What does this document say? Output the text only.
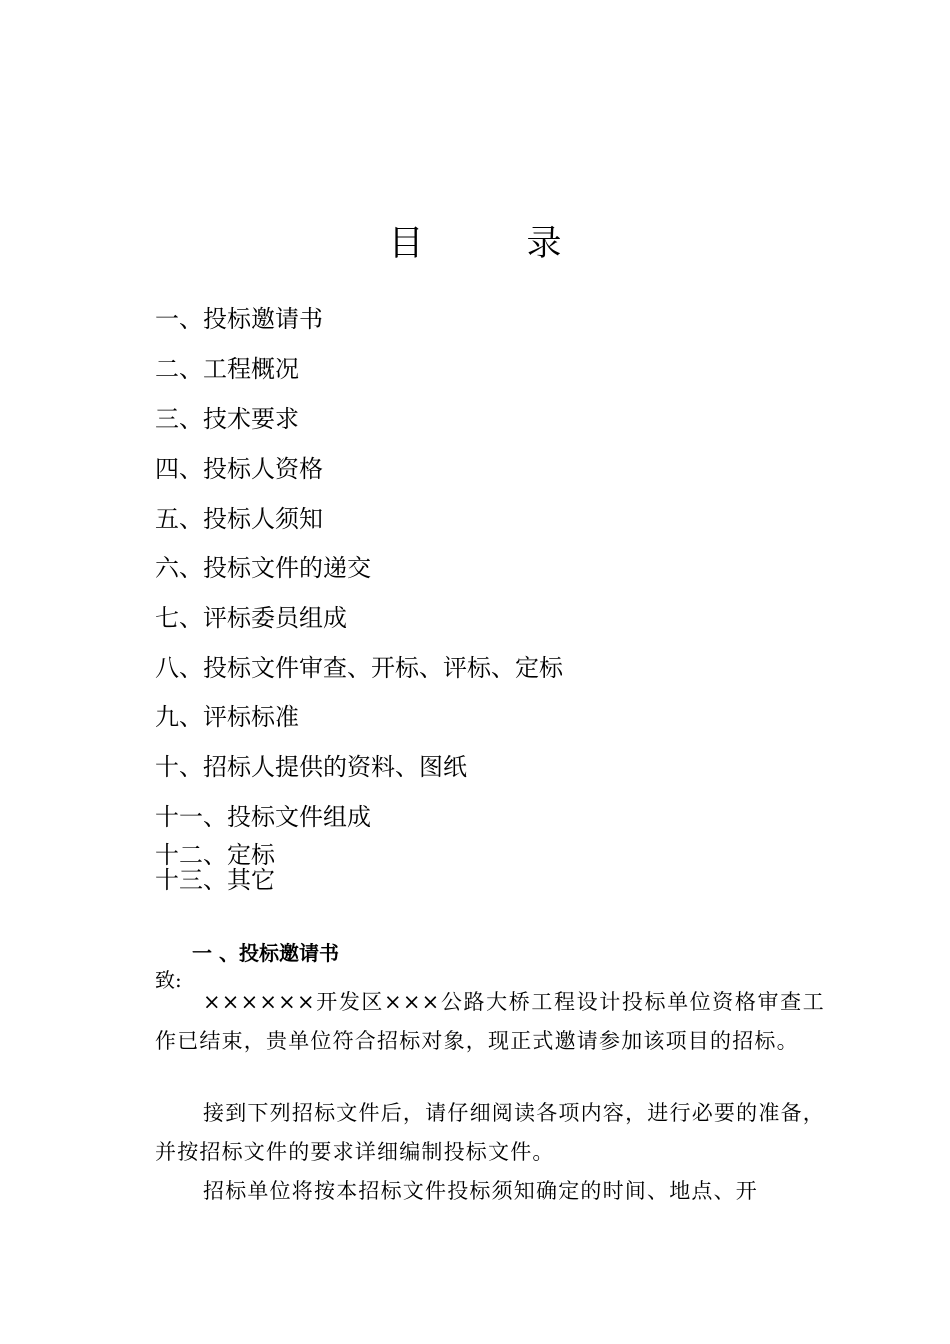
目　录
一、投标邀请书
二、工程概况
三、技术要求
四、投标人资格
五、投标人须知
六、投标文件的递交
七、评标委员组成
八、投标文件审查、开标、评标、定标
九、评标标准
十、招标人提供的资料、图纸
十一、投标文件组成
十二、定标
十三、其它
一 、投标邀请书

致:

××××××开发区×××公路大桥工程设计投标单位资格审查工作已结束，贵单位符合招标对象，现正式邀请参加该项目的招标。

接到下列招标文件后，请仔细阅读各项内容，进行必要的准备，并按招标文件的要求详细编制投标文件。

招标单位将按本招标文件投标须知确定的时间、地点、开
